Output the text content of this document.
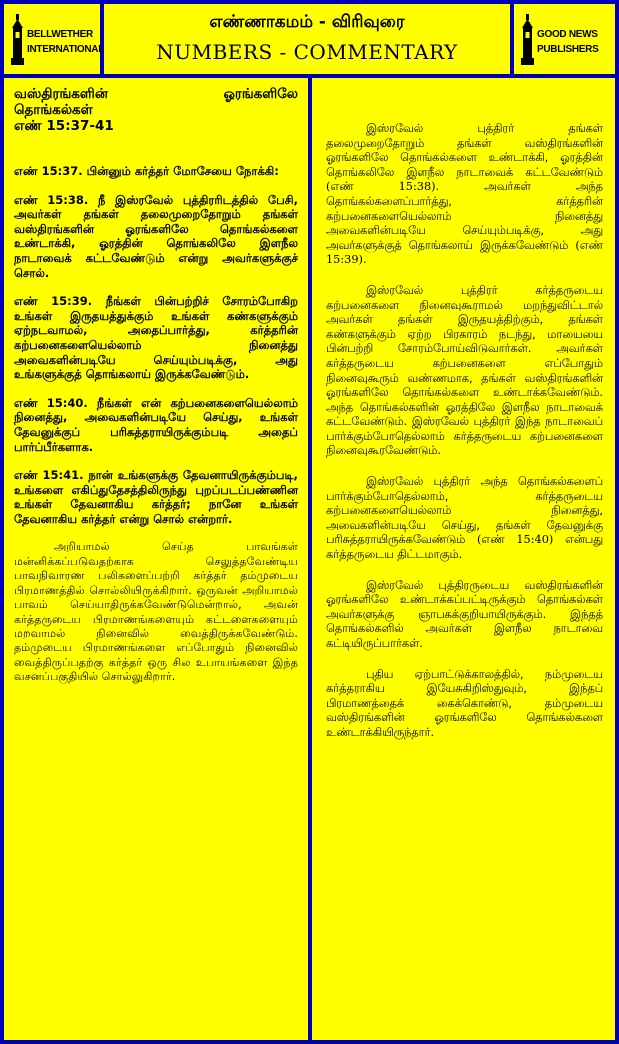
BELLWETHER
INTERNATIONAL
எண்ணாகமம் - விரிவுரை
NUMBERS - COMMENTARY
GOOD NEWS
PUBLISHERS

வஸ்திரங்களின் ஓரங்களிலே

தொங்கல்கள்

எண் 15:37-41

எண் 15:37. பின்னும் கர்த்தர் மோசேயை நோக்கி:

எண் 15:38. நீ இஸ்ரவேல் புத்திரரிடத்தில் பேசி, அவர்கள் தங்கள் தலைமுறைதோறும் தங்கள் வஸ்திரங்களின் ஓரங்களிலே தொங்கல்களை உண்டாக்கி, ஓரத்தின் தொங்கலிலே இளநீல நாடாவைக் கட்டவேண்டும் என்று அவர்களுக்குச் சொல்.

எண் 15:39. நீங்கள் பின்பற்றிச் சோரம்போகிற உங்கள் இருதயத்துக்கும் உங்கள் கண்களுக்கும் ஏற்நடவாமல், அதைப்பார்த்து, கர்த்தரின் கற்பனைகளையெல்லாம் நினைத்து அவைகளின்படியே செய்யும்படிக்கு, அது உங்களுக்குத் தொங்கலாய் இருக்கவேண்டும்.

எண் 15:40. நீங்கள் என் கற்பனைகளையெல்லாம் நினைத்து, அவைகளின்படியே செய்து, உங்கள் தேவனுக்குப் பரிசுத்தராயிருக்கும்படி அதைப் பார்ப்பீர்களாக.

எண் 15:41. நான் உங்களுக்கு தேவனாயிருக்கும்படி, உங்களை எகிப்துதேசத்திலிருந்து புறப்படப்பண்ணின உங்கள் தேவனாகிய கர்த்தர்; நானே உங்கள் தேவனாகிய கர்த்தர் என்று சொல் என்றார்.

அறியாமல் செய்த பாவங்கள் மன்னிக்கப்படுவதற்காக செலுத்தவேண்டிய பாவநிவாரண பலிகளைப்பற்றி கர்த்தர் தம்முடைய பிரமாணத்தில் சொல்லியிருக்கிறார். ஒருவன் அறியாமல் பாவம் செய்யாதிருக்கவேண்டுமென்றால், அவன் கர்த்தருடைய பிரமாணங்களையும் கட்டளைகளையும் மறவாமல் நினைவில் வைத்திருக்கவேண்டும். தம்முடைய பிரமாணங்களை எப்போதும் நினைவில் வைத்திருப்பதற்கு கர்த்தர் ஒரு சில உபாயங்களை இந்த வசனப்பகுதியில் சொல்லுகிறார்.

இஸ்ரவேல் புத்திரர் தங்கள் தலைமுறைதோறும் தங்கள் வஸ்திரங்களின் ஓரங்களிலே தொங்கல்களை உண்டாக்கி, ஓரத்தின் தொங்கலிலே இளநீல நாடாவைக் கட்டவேண்டும் (எண் 15:38).	அவர்கள் அந்த தொங்கல்களைப்பார்த்து, கர்த்தரின் கற்பனைகளையெல்லாம் நினைத்து அவைகளின்படியே செய்யும்படிக்கு, அது அவர்களுக்குத் தொங்கலாய் இருக்கவேண்டும் (எண் 15:39).

இஸ்ரவேல் புத்திரர் கர்த்தருடைய கற்பனைகளை நினைவுகூராமல் மறந்துவிட்டால் அவர்கள் தங்கள் இருதயத்திற்கும், தங்கள் கண்களுக்கும் ஏற்ற பிரகாரம் நடந்து, மாயையை பின்பற்றி சோரம்போய்விடுவார்கள். அவர்கள் கர்த்தருடைய கற்பனைகளை எப்போதும் நினைவுகூரும் வண்ணமாக, தங்கள் வஸ்திரங்களின் ஓரங்களிலே தொங்கல்களை உண்டாக்கவேண்டும். அந்த தொங்கல்களின் ஓரத்திலே இளநீல நாடாவைக் கட்டவேண்டும். இஸ்ரவேல் புத்திரர் இந்த நாடாவைப் பார்க்கும்போதெல்லாம் கர்த்தருடைய கற்பனைகளை நினைவுகூரவேண்டும்.

இஸ்ரவேல் புத்திரர் அந்த தொங்கல்களைப் பார்க்கும்போதெல்லாம், கர்த்தருடைய கற்பனைகளையெல்லாம் நினைத்து, அவைகளின்படியே செய்து, தங்கள் தேவனுக்கு பரிசுத்தராயிருக்கவேண்டும் (எண் 15:40) என்பது கர்த்தருடைய திட்டமாகும்.

இஸ்ரவேல் புத்திரருடைய வஸ்திரங்களின் ஓரங்களிலே உண்டாக்கப்பட்டிருக்கும் தொங்கல்கள் அவர்களுக்கு ஞாபகக்குறியாயிருக்கும். இந்தத் தொங்கல்களில் அவர்கள் இளநீல நாடாவை கட்டியிருப்பார்கள்.

புதிய ஏற்பாட்டுக்காலத்தில், நம்முடைய கர்த்தராகிய இயேசுகிறிஸ்துவும், இந்தப் பிரமாணத்தைக் கைக்கொண்டு, தம்முடைய வஸ்திரங்களின் ஓரங்களிலே தொங்கல்களை உண்டாக்கியிருந்தார்.
